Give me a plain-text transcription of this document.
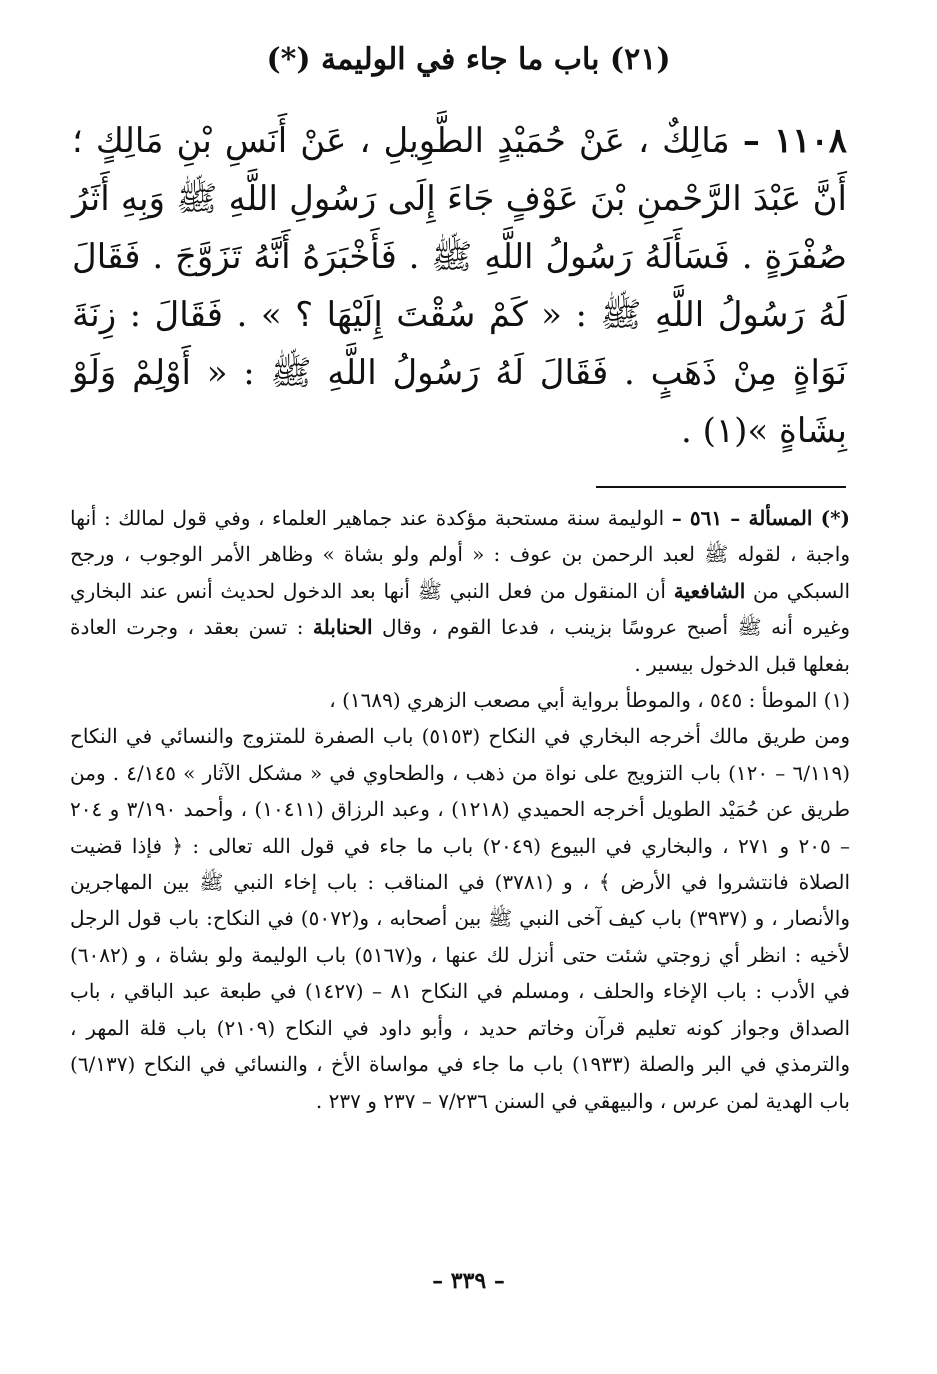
(٢١) باب ما جاء في الوليمة (*)
١١٠٨ – مَالِكٌ ، عَنْ حُمَيْدٍ الطَّوِيلِ ، عَنْ أَنَسِ بْنِ مَالِكٍ ؛ أَنَّ عَبْدَ الرَّحْمنِ بْنَ عَوْفٍ جَاءَ إِلَى رَسُولِ اللَّهِ ﷺ وَبِهِ أَثَرُ صُفْرَةٍ . فَسَأَلَهُ رَسُولُ اللَّهِ ﷺ . فَأَخْبَرَهُ أَنَّهُ تَزَوَّجَ . فَقَالَ لَهُ رَسُولُ اللَّهِ ﷺ : « كَمْ سُقْتَ إِلَيْهَا ؟ » . فَقَالَ : زِنَةَ نَوَاةٍ مِنْ ذَهَبٍ . فَقَالَ لَهُ رَسُولُ اللَّهِ ﷺ : « أَوْلِمْ وَلَوْ بِشَاةٍ »(١) .

(*) المسألة – ٥٦١ – الوليمة سنة مستحبة مؤكدة عند جماهير العلماء ، وفي قول لمالك : أنها واجبة ، لقوله ﷺ لعبد الرحمن بن عوف : « أولم ولو بشاة » وظاهر الأمر الوجوب ، ورجح السبكي من الشافعية أن المنقول من فعل النبي ﷺ أنها بعد الدخول لحديث أنس عند البخاري وغيره أنه ﷺ أصبح عروسًا بزينب ، فدعا القوم ، وقال الحنابلة : تسن بعقد ، وجرت العادة بفعلها قبل الدخول بيسير .

(١) الموطأ : ٥٤٥ ، والموطأ برواية أبي مصعب الزهري (١٦٨٩) ،

ومن طريق مالك أخرجه البخاري في النكاح (٥١٥٣) باب الصفرة للمتزوج والنسائي في النكاح (٦/١١٩ – ١٢٠) باب التزويج على نواة من ذهب ، والطحاوي في « مشكل الآثار » ٤/١٤٥ . ومن طريق عن حُمَيْد الطويل أخرجه الحميدي (١٢١٨) ، وعبد الرزاق (١٠٤١١) ، وأحمد ٣/١٩٠ و ٢٠٤ – ٢٠٥ و ٢٧١ ، والبخاري في البيوع (٢٠٤٩) باب ما جاء في قول الله تعالى : ﴿ فإذا قضيت الصلاة فانتشروا في الأرض ﴾ ، و (٣٧٨١) في المناقب : باب إخاء النبي ﷺ بين المهاجرين والأنصار ، و (٣٩٣٧) باب كيف آخى النبي ﷺ بين أصحابه ، و(٥٠٧٢) في النكاح: باب قول الرجل لأخيه : انظر أي زوجتي شئت حتى أنزل لك عنها ، و(٥١٦٧) باب الوليمة ولو بشاة ، و (٦٠٨٢) في الأدب : باب الإخاء والحلف ، ومسلم في النكاح ٨١ – (١٤٢٧) في طبعة عبد الباقي ، باب الصداق وجواز كونه تعليم قرآن وخاتم حديد ، وأبو داود في النكاح (٢١٠٩) باب قلة المهر ، والترمذي في البر والصلة (١٩٣٣) باب ما جاء في مواساة الأخ ، والنسائي في النكاح (٦/١٣٧) باب الهدية لمن عرس ، والبيهقي في السنن ٧/٢٣٦ – ٢٣٧ و ٢٣٧ .

– ٣٣٩ –
